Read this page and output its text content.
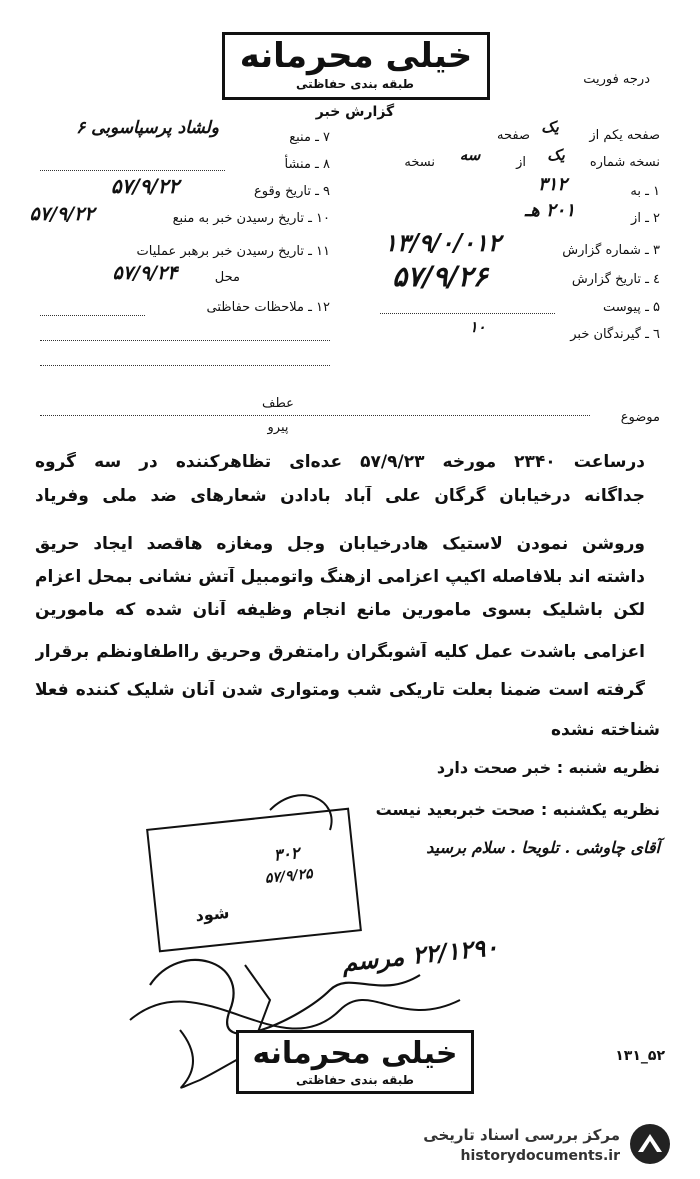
خیلی محرمانه
طبقه بندی حفاظتی
گزارش خبر
درجه فوریت
۷ ـ منبع
ولشاد پرسپاسوبی ۶
۸ ـ منشأ
۹ ـ تاریخ وقوع
۵۷/۹/۲۲
۱۰ ـ تاریخ رسیدن خبر به منبع
۵۷/۹/۲۲
۱۱ ـ تاریخ رسیدن خبر برهبر عملیات
محل
۵۷/۹/۲۴
۱۲ ـ ملاحظات حفاظتی
صفحه یکم از
یک
صفحه
نسخه شماره
یک
از
سه
نسخه
۱ ـ به
۳۱۲
۲ ـ از
۲۰۱ هـ
۳ ـ شماره گزارش
۱۳/۹/۰/۰۱۲
٤ ـ تاریخ گزارش
۵۷/۹/۲۶
۵ ـ پیوست
٦ ـ گیرندگان خبر
۱۰
موضوع
عطف
پیرو
درساعت ۲۳۴۰ مورخه ۵۷/۹/۲۳ عده‌ای تظاهرکننده در سه گروه
جداگانه درخیابان گرگان علی آباد بادادن شعارهای ضد ملی وفریاد
وروشن نمودن لاستیک هادرخیابان وجل ومغازه هاقصد ایجاد حریق
داشته اند بلافاصله اکیپ اعزامی ازهنگ واتومبیل آتش نشانی بمحل اعزام
لکن باشلیک بسوی مامورین مانع انجام وظیفه آنان شده که مامورین
اعزامی باشدت عمل کلیه آشوبگران رامتفرق وحریق رااطفاونظم برقرار
گرفته است ضمنا بعلت تاریکی شب ومتواری شدن آنان شلیک کننده فعلا
شناخته نشده
نظریه شنبه : خبر صحت دارد
نظریه یکشنبه : صحت خبربعید نیست
آقای چاوشی . تلویحا . سلام برسید
۳۰۲
۵۷/۹/۲۵
شود
۲۲/۱۲۹۰ مرسم
خیلی محرمانه
طبقه بندی حفاظتی
۵۲_۱۳۱
مرکز بررسی اسناد تاریخی
historydocuments.ir
